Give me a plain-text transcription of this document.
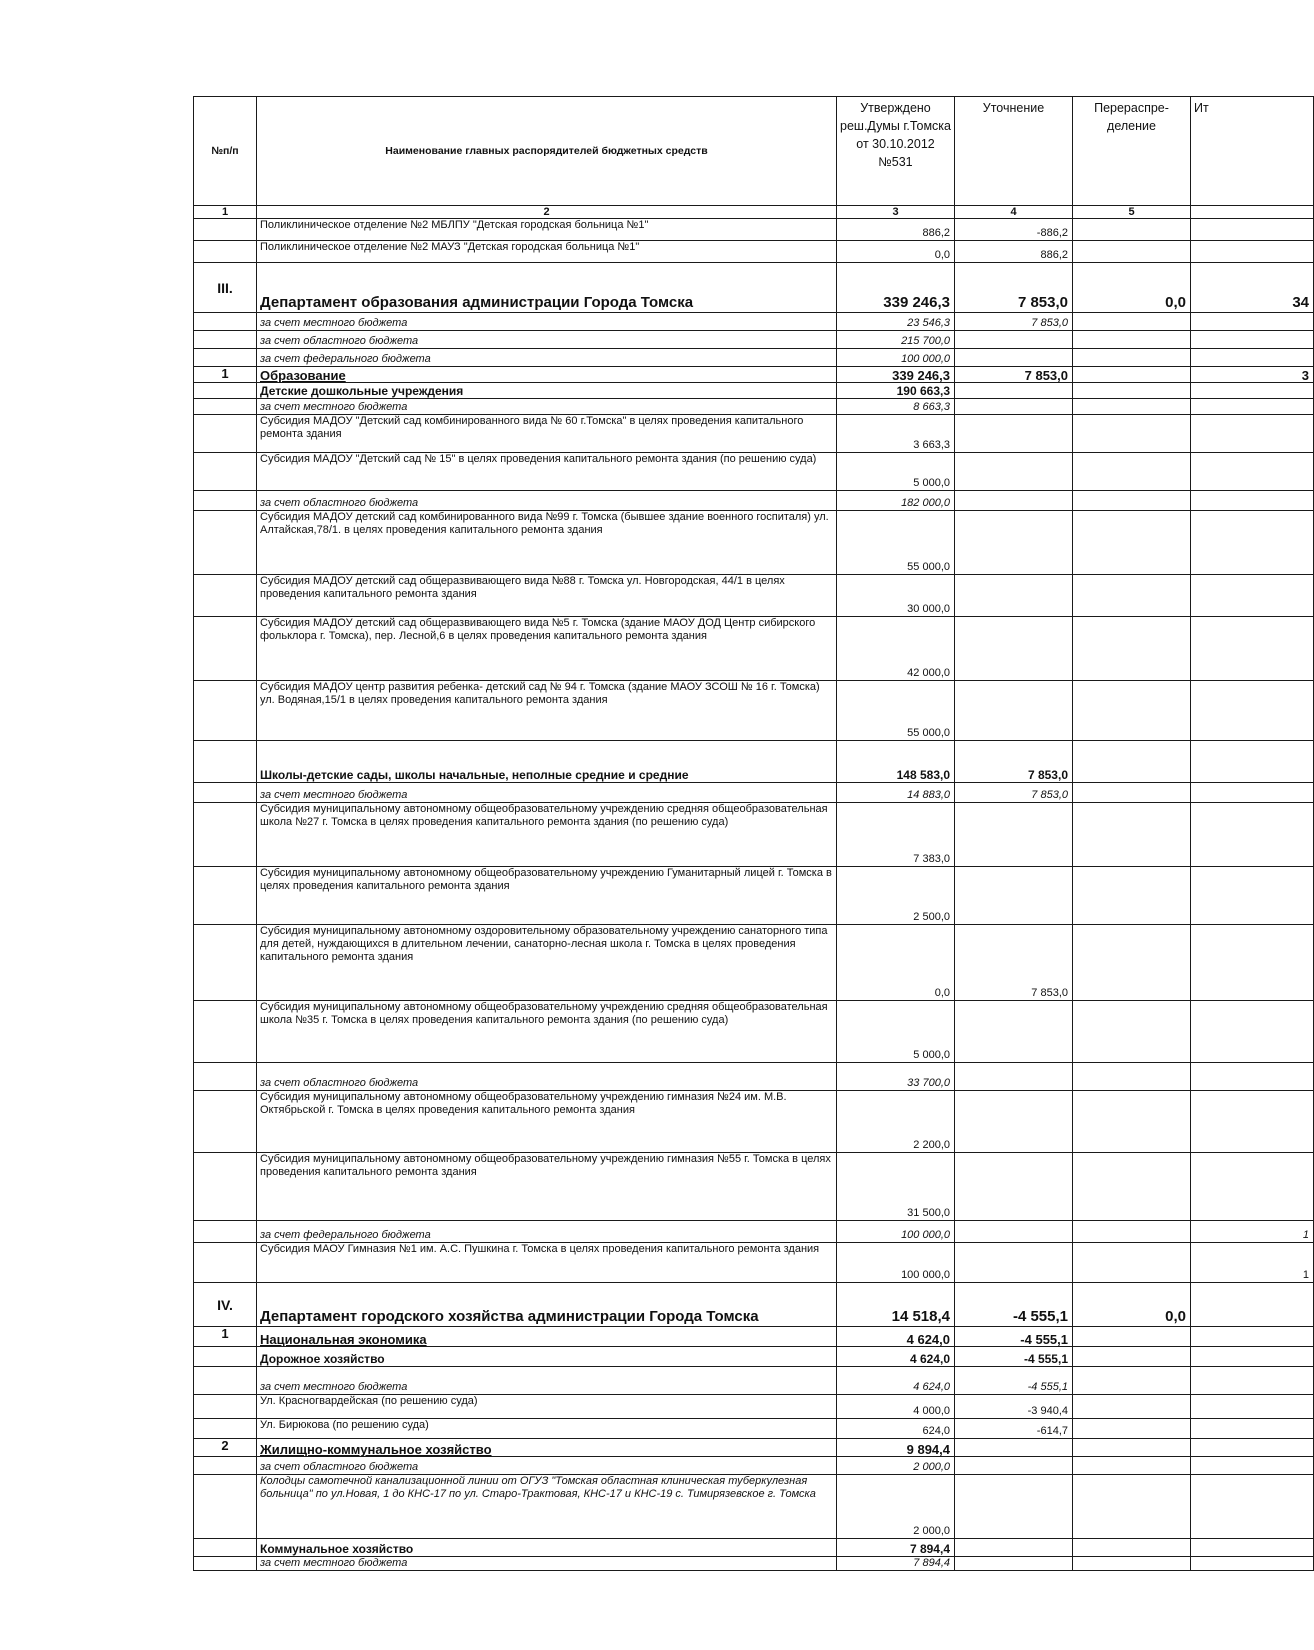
№п/п	Наименование главных распорядителей бюджетных средств	Утверждено реш.Думы г.Томска от 30.10.2012 №531	Уточнение	Перераспре-деление	Ит
1	2	3	4	5	
	Поликлиническое отделение №2 МБЛПУ "Детская городская больница №1"	886,2	-886,2		
	Поликлиническое отделение №2 МАУЗ "Детская городская больница №1"	0,0	886,2		
III.	Департамент образования администрации Города Томска	339 246,3	7 853,0	0,0	34
	за счет местного бюджета	23 546,3	7 853,0		
	за счет областного бюджета	215 700,0			
	за счет федерального бюджета	100 000,0			
1	Образование	339 246,3	7 853,0		3
	Детские дошкольные учреждения	190 663,3			
	за счет местного бюджета	8 663,3			
	Субсидия МАДОУ "Детский сад комбинированного вида № 60 г.Томска" в целях проведения капитального ремонта здания	3 663,3			
	Субсидия МАДОУ "Детский сад № 15" в целях проведения капитального ремонта здания (по решению суда)	5 000,0			
	за счет областного бюджета	182 000,0			
	Субсидия МАДОУ детский сад комбинированного вида №99 г. Томска (бывшее здание военного госпиталя) ул. Алтайская,78/1. в целях проведения капитального ремонта здания	55 000,0			
	Субсидия МАДОУ детский сад общеразвивающего вида №88 г. Томска ул. Новгородская, 44/1 в целях проведения капитального ремонта здания	30 000,0			
	Субсидия МАДОУ детский сад общеразвивающего вида №5 г. Томска (здание МАОУ ДОД Центр сибирского фольклора г. Томска), пер. Лесной,6 в целях проведения капитального ремонта здания	42 000,0			
	Субсидия МАДОУ центр развития ребенка- детский сад № 94 г. Томска (здание МАОУ ЗСОШ № 16 г. Томска) ул. Водяная,15/1 в целях проведения капитального ремонта здания	55 000,0			
	Школы-детские сады, школы начальные, неполные средние и средние	148 583,0	7 853,0		
	за счет местного бюджета	14 883,0	7 853,0		
	Субсидия муниципальному автономному общеобразовательному учреждению средняя общеобразовательная школа №27 г. Томска в целях проведения капитального ремонта здания (по решению суда)	7 383,0			
	Субсидия муниципальному автономному общеобразовательному учреждению Гуманитарный лицей г. Томска в целях проведения капитального ремонта здания	2 500,0			
	Субсидия муниципальному автономному оздоровительному образовательному учреждению санаторного типа для детей, нуждающихся в длительном лечении, санаторно-лесная школа г. Томска в целях проведения капитального ремонта здания	0,0	7 853,0		
	Субсидия муниципальному автономному общеобразовательному учреждению средняя общеобразовательная школа №35 г. Томска в целях проведения капитального ремонта здания (по решению суда)	5 000,0			
	за счет областного бюджета	33 700,0			
	Субсидия муниципальному автономному общеобразовательному учреждению гимназия №24 им. М.В. Октябрьской г. Томска в целях проведения капитального ремонта здания	2 200,0			
	Субсидия муниципальному автономному общеобразовательному учреждению гимназия №55 г. Томска в целях проведения капитального ремонта здания	31 500,0			
	за счет федерального бюджета	100 000,0			1
	Субсидия МАОУ Гимназия №1 им. А.С. Пушкина г. Томска в целях проведения капитального ремонта здания	100 000,0			1
IV.	Департамент городского хозяйства администрации Города Томска	14 518,4	-4 555,1	0,0	
1	Национальная экономика	4 624,0	-4 555,1		
	Дорожное хозяйство	4 624,0	-4 555,1		
	за счет местного бюджета	4 624,0	-4 555,1		
	Ул. Красногвардейская (по решению суда)	4 000,0	-3 940,4		
	Ул. Бирюкова (по решению суда)	624,0	-614,7		
2	Жилищно-коммунальное хозяйство	9 894,4			
	за счет областного бюджета	2 000,0			
	Колодцы самотечной канализационной линии от ОГУЗ "Томская областная клиническая туберкулезная больница" по ул.Новая, 1 до КНС-17 по ул. Старо-Трактовая, КНС-17 и КНС-19 с. Тимирязевское г. Томска	2 000,0			
	Коммунальное хозяйство	7 894,4			
	за счет местного бюджета	7 894,4			
